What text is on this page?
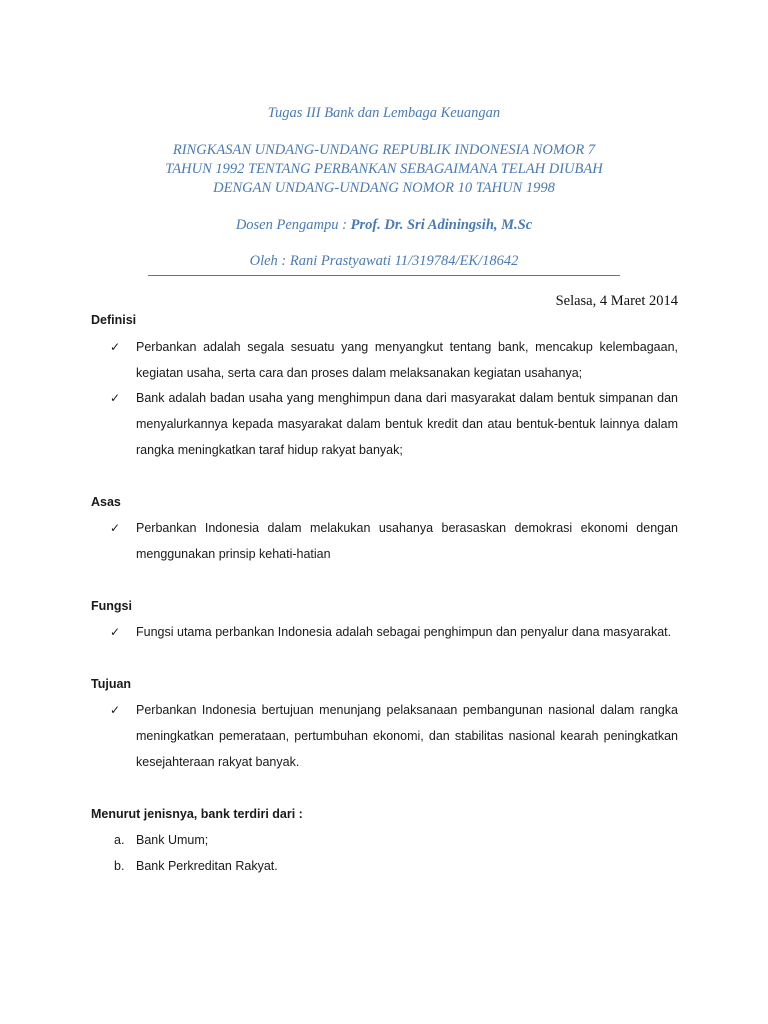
Tugas III Bank dan Lembaga Keuangan

RINGKASAN UNDANG-UNDANG REPUBLIK INDONESIA NOMOR 7 TAHUN 1992 TENTANG PERBANKAN SEBAGAIMANA TELAH DIUBAH DENGAN UNDANG-UNDANG NOMOR 10 TAHUN 1998

Dosen Pengampu : Prof. Dr. Sri Adiningsih, M.Sc

Oleh : Rani Prastyawati 11/319784/EK/18642

Selasa, 4 Maret 2014

Definisi

✓	Perbankan adalah segala sesuatu yang menyangkut tentang bank, mencakup kelembagaan, kegiatan usaha, serta cara dan proses dalam melaksanakan kegiatan usahanya;
✓	Bank adalah badan usaha yang menghimpun dana dari masyarakat dalam bentuk simpanan dan menyalurkannya kepada masyarakat dalam bentuk kredit dan atau bentuk-bentuk lainnya dalam rangka meningkatkan taraf hidup rakyat banyak;

Asas

✓	Perbankan Indonesia dalam melakukan usahanya berasaskan demokrasi ekonomi dengan menggunakan prinsip kehati-hatian

Fungsi

✓	Fungsi utama perbankan Indonesia adalah sebagai penghimpun dan penyalur dana masyarakat.

Tujuan

✓	Perbankan Indonesia bertujuan menunjang pelaksanaan pembangunan nasional dalam rangka meningkatkan pemerataan, pertumbuhan ekonomi, dan stabilitas nasional kearah peningkatkan kesejahteraan rakyat banyak.

Menurut jenisnya, bank terdiri dari :

a. Bank Umum;
b. Bank Perkreditan Rakyat.
